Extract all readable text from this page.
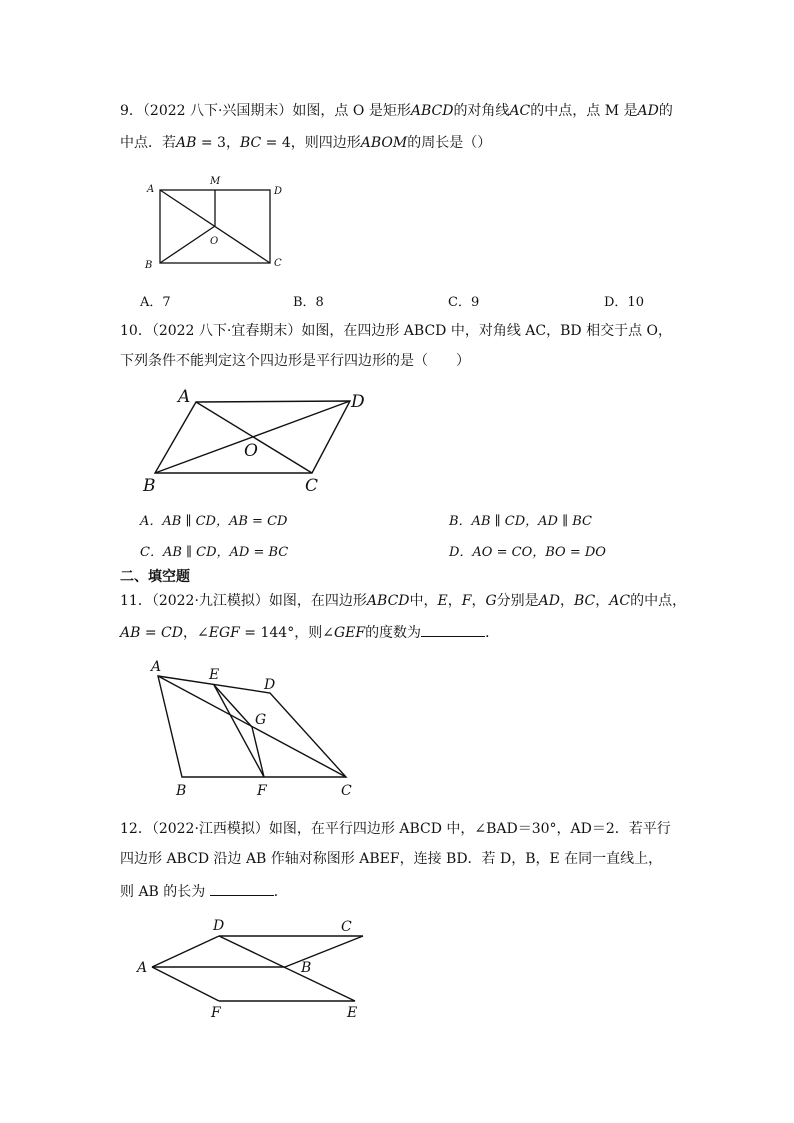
9．（2022 八下·兴国期末）如图，点 O 是矩形ABCD的对角线AC的中点，点 M 是AD的
中点．若AB = 3，BC = 4，则四边形ABOM的周长是（）
A
M
D
O
B	C
A．7	B．8	C．9	D．10
10．（2022 八下·宜春期末）如图，在四边形 ABCD 中，对角线 AC，BD 相交于点 O，
下列条件不能判定这个四边形是平行四边形的是（　　）
A	D
O
B	C
A．AB ∥ CD，AB = CD	B．AB ∥ CD，AD ∥ BC
C．AB ∥ CD，AD = BC	D．AO = CO，BO = DO
二、填空题
11．（2022·九江模拟）如图，在四边形ABCD中，E，F，G分别是AD，BC，AC的中点，
AB = CD，∠EGF = 144°，则∠GEF的度数为	．
A	E
D
G
B	F	C
12．（2022·江西模拟）如图，在平行四边形 ABCD 中，∠BAD＝30°，AD＝2．若平行
四边形 ABCD 沿边 AB 作轴对称图形 ABEF，连接 BD．若 D，B，E 在同一直线上，
则 AB 的长为	．
D	C
A	B
F	E
